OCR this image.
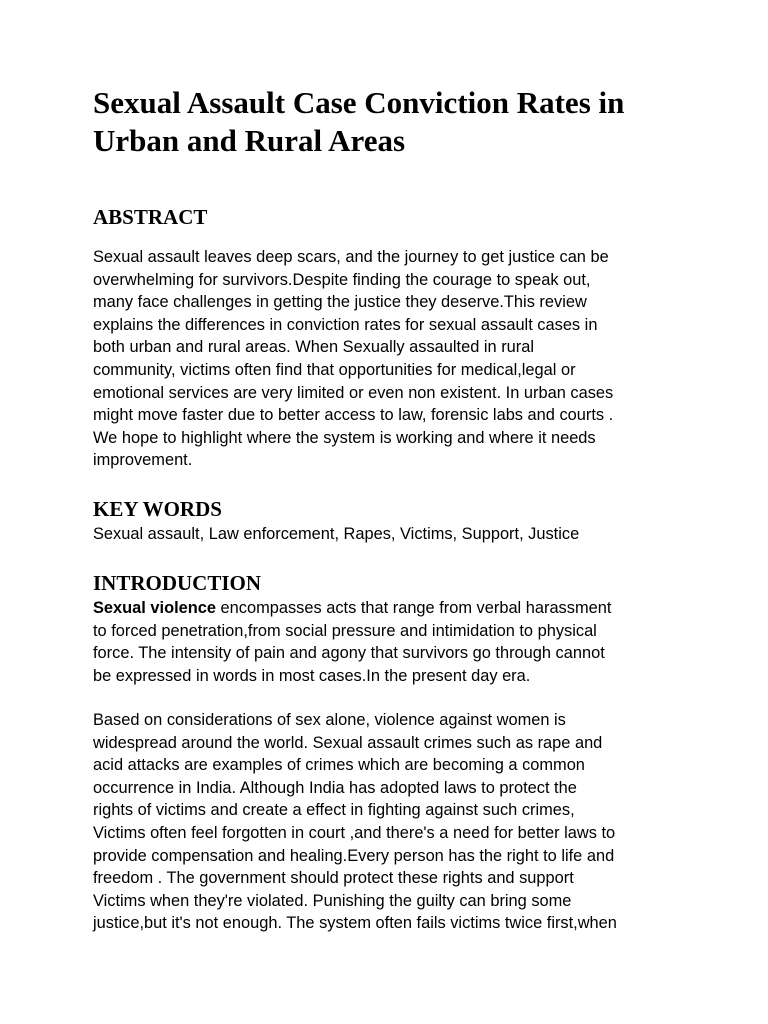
Sexual Assault Case Conviction Rates in
Urban and Rural Areas
ABSTRACT

Sexual assault leaves deep scars, and the journey to get justice can be
overwhelming for survivors.Despite finding the courage to speak out,
many face challenges in getting the justice they deserve.This review
explains the differences in conviction rates for sexual assault cases in
both urban and rural areas. When Sexually assaulted in rural
community, victims often find that opportunities for medical,legal or
emotional services are very limited or even non existent. In urban cases
might move faster due to better access to law, forensic labs and courts .
We hope to highlight where the system is working and where it needs
improvement.

KEY WORDS

Sexual assault, Law enforcement, Rapes, Victims, Support, Justice

INTRODUCTION

Sexual violence encompasses acts that range from verbal harassment
to forced penetration,from social pressure and intimidation to physical
force. The intensity of pain and agony that survivors go through cannot
be expressed in words in most cases.In the present day era.

Based on considerations of sex alone, violence against women is
widespread around the world. Sexual assault crimes such as rape and
acid attacks are examples of crimes which are becoming a common
occurrence in India. Although India has adopted laws to protect the
rights of victims and create a effect in fighting against such crimes,
Victims often feel forgotten in court ,and there's a need for better laws to
provide compensation and healing.Every person has the right to life and
freedom . The government should protect these rights and support
Victims when they're violated. Punishing the guilty can bring some
justice,but it's not enough. The system often fails victims twice first,when
